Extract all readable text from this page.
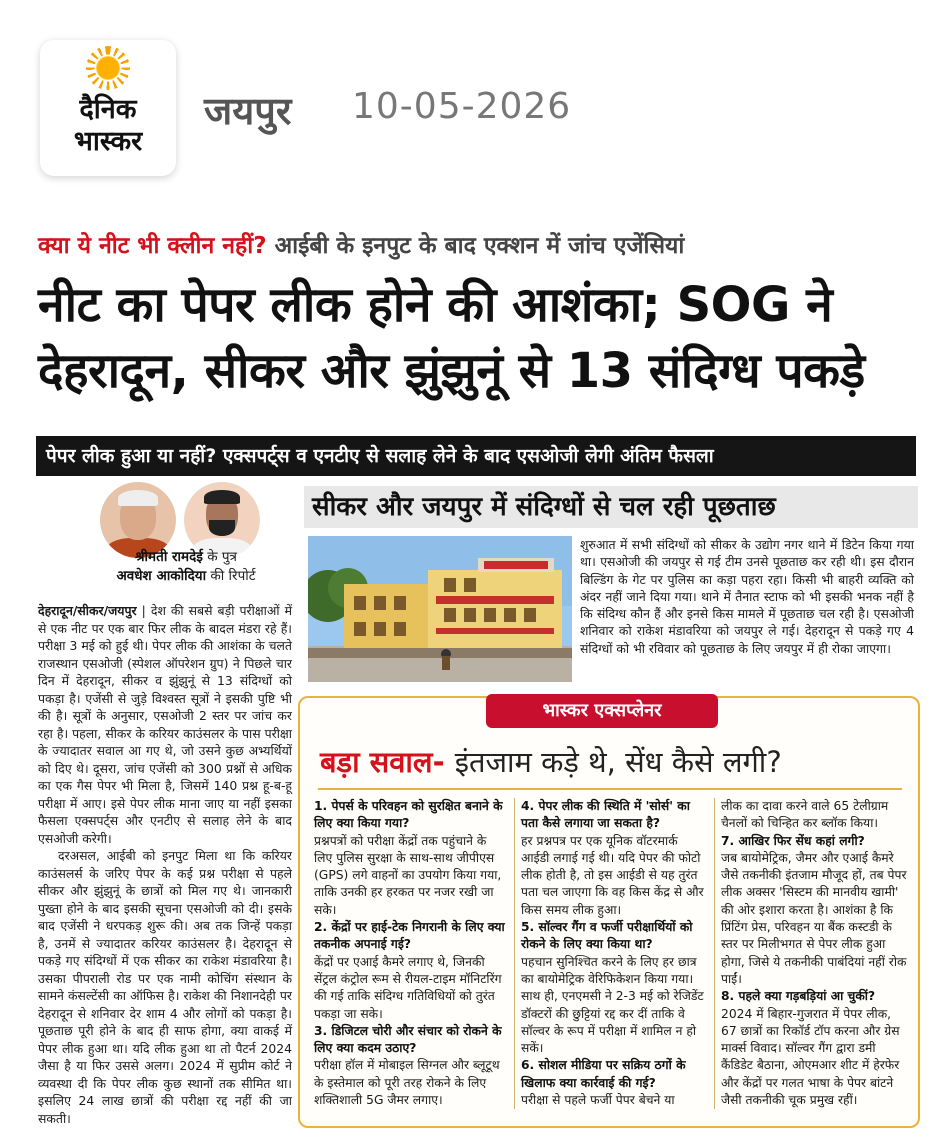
दैनिक
भास्कर
जयपुर 10-05-2026
क्या ये नीट भी क्लीन नहीं? आईबी के इनपुट के बाद एक्शन में जांच एजेंसियां
नीट का पेपर लीक होने की आशंका; SOG ने
देहरादून, सीकर और झुंझुनूं से 13 संदिग्ध पकड़े
पेपर लीक हुआ या नहीं? एक्सपर्ट्स व एनटीए से सलाह लेने के बाद एसओजी लेगी अंतिम फैसला
श्रीमती रामदेई के पुत्र
अवधेश आकोदिया की रिपोर्ट

देहरादून/सीकर/जयपुर | देश की सबसे बड़ी परीक्षाओं में से एक नीट पर एक बार फिर लीक के बादल मंडरा रहे हैं। परीक्षा 3 मई को हुई थी। पेपर लीक की आशंका के चलते राजस्थान एसओजी (स्पेशल ऑपरेशन ग्रुप) ने पिछले चार दिन में देहरादून, सीकर व झुंझुनूं से 13 संदिग्धों को पकड़ा है। एजेंसी से जुड़े विश्वस्त सूत्रों ने इसकी पुष्टि भी की है। सूत्रों के अनुसार, एसओजी 2 स्तर पर जांच कर रहा है। पहला, सीकर के करियर काउंसलर के पास परीक्षा के ज्यादातर सवाल आ गए थे, जो उसने कुछ अभ्यर्थियों को दिए थे। दूसरा, जांच एजेंसी को 300 प्रश्नों से अधिक का एक गैस पेपर भी मिला है, जिसमें 140 प्रश्न हू-ब-हू परीक्षा में आए। इसे पेपर लीक माना जाए या नहीं इसका फैसला एक्सपर्ट्स और एनटीए से सलाह लेने के बाद एसओजी करेगी।

दरअसल, आईबी को इनपुट मिला था कि करियर काउंसलर्स के जरिए पेपर के कई प्रश्न परीक्षा से पहले सीकर और झुंझुनूं के छात्रों को मिल गए थे। जानकारी पुख्ता होने के बाद इसकी सूचना एसओजी को दी। इसके बाद एजेंसी ने धरपकड़ शुरू की। अब तक जिन्हें पकड़ा है, उनमें से ज्यादातर करियर काउंसलर है। देहरादून से पकड़े गए संदिग्धों में एक सीकर का राकेश मंडावरिया है। उसका पीपराली रोड पर एक नामी कोचिंग संस्थान के सामने कंसल्टेंसी का ऑफिस है। राकेश की निशानदेही पर देहरादून से शनिवार देर शाम 4 और लोगों को पकड़ा है। पूछताछ पूरी होने के बाद ही साफ होगा, क्या वाकई में पेपर लीक हुआ था। यदि लीक हुआ था तो पैटर्न 2024 जैसा है या फिर उससे अलग। 2024 में सुप्रीम कोर्ट ने व्यवस्था दी कि पेपर लीक कुछ स्थानों तक सीमित था। इसलिए 24 लाख छात्रों की परीक्षा रद्द नहीं की जा सकती।

सीकर और जयपुर में संदिग्धों से चल रही पूछताछ
शुरुआत में सभी संदिग्धों को सीकर के उद्योग नगर थाने में डिटेन किया गया था। एसओजी की जयपुर से गई टीम उनसे पूछताछ कर रही थी। इस दौरान बिल्डिंग के गेट पर पुलिस का कड़ा पहरा रहा। किसी भी बाहरी व्यक्ति को अंदर नहीं जाने दिया गया। थाने में तैनात स्टाफ को भी इसकी भनक नहीं है कि संदिग्ध कौन हैं और इनसे किस मामले में पूछताछ चल रही है। एसओजी शनिवार को राकेश मंडावरिया को जयपुर ले गई। देहरादून से पकड़े गए 4 संदिग्धों को भी रविवार को पूछताछ के लिए जयपुर में ही रोका जाएगा।
भास्कर एक्सप्लेनर
बड़ा सवाल- इंतजाम कड़े थे, सेंध कैसे लगी?
1. पेपर्स के परिवहन को सुरक्षित बनाने के लिए क्या किया गया?
प्रश्नपत्रों को परीक्षा केंद्रों तक पहुंचाने के लिए पुलिस सुरक्षा के साथ-साथ जीपीएस (GPS) लगे वाहनों का उपयोग किया गया, ताकि उनकी हर हरकत पर नजर रखी जा सके।
2. केंद्रों पर हाई-टेक निगरानी के लिए क्या तकनीक अपनाई गई?
केंद्रों पर एआई कैमरे लगाए थे, जिनकी सेंट्रल कंट्रोल रूम से रीयल-टाइम मॉनिटरिंग की गई ताकि संदिग्ध गतिविधियों को तुरंत पकड़ा जा सके।
3. डिजिटल चोरी और संचार को रोकने के लिए क्या कदम उठाए?
परीक्षा हॉल में मोबाइल सिग्नल और ब्लूटूथ के इस्तेमाल को पूरी तरह रोकने के लिए शक्तिशाली 5G जैमर लगाए।
4. पेपर लीक की स्थिति में 'सोर्स' का पता कैसे लगाया जा सकता है?
हर प्रश्नपत्र पर एक यूनिक वॉटरमार्क आईडी लगाई गई थी। यदि पेपर की फोटो लीक होती है, तो इस आईडी से यह तुरंत पता चल जाएगा कि वह किस केंद्र से और किस समय लीक हुआ।
5. सॉल्वर गैंग व फर्जी परीक्षार्थियों को रोकने के लिए क्या किया था?
पहचान सुनिश्चित करने के लिए हर छात्र का बायोमेट्रिक वेरिफिकेशन किया गया। साथ ही, एनएमसी ने 2-3 मई को रेजिडेंट डॉक्टरों की छुट्टियां रद्द कर दीं ताकि वे सॉल्वर के रूप में परीक्षा में शामिल न हो सकें।
6. सोशल मीडिया पर सक्रिय ठगों के खिलाफ क्या कार्रवाई की गई?
परीक्षा से पहले फर्जी पेपर बेचने या
लीक का दावा करने वाले 65 टेलीग्राम चैनलों को चिन्हित कर ब्लॉक किया।
7. आखिर फिर सेंध कहां लगी?
जब बायोमेट्रिक, जैमर और एआई कैमरे जैसे तकनीकी इंतजाम मौजूद हों, तब पेपर लीक अक्सर 'सिस्टम की मानवीय खामी' की ओर इशारा करता है। आशंका है कि प्रिंटिंग प्रेस, परिवहन या बैंक कस्टडी के स्तर पर मिलीभगत से पेपर लीक हुआ होगा, जिसे ये तकनीकी पाबंदियां नहीं रोक पाईं।
8. पहले क्या गड़बड़ियां आ चुकीं?
2024 में बिहार-गुजरात में पेपर लीक, 67 छात्रों का रिकॉर्ड टॉप करना और ग्रेस मार्क्स विवाद। सॉल्वर गैंग द्वारा डमी कैंडिडेट बैठाना, ओएमआर शीट में हेरफेर और केंद्रों पर गलत भाषा के पेपर बांटने जैसी तकनीकी चूक प्रमुख रहीं।
